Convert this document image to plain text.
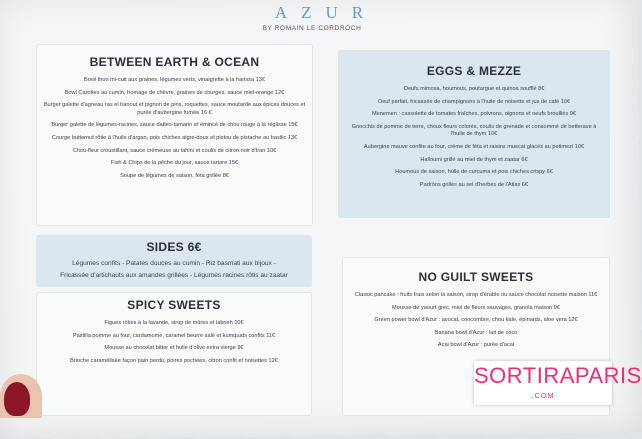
AZUR
BY ROMAIN LE CORDROCH
BETWEEN EARTH & OCEAN
Bowl thon mi-cuit aux graines, légumes verts, vinaigrette à la harissa 13€
Bowl Carottes au cumin, fromage de chèvre, graines de courges, sauce miel-orange 12€
Burger galette d'agneau ras el hanout et pignon de pins, roquettes, sauce moutarde aux épices douces et purée d'aubergine fumée 16 €
Burger galette de légumes-racines, sauce dattes-tamarin et émincé de chou rouge à la réglisse 15€
Courge butternut rôtie à l'huile d'argan, pois chiches aigre-doux et pistou de pistache au basilic 13€
Chou-fleur croustillant, sauce crémeuse au tahini et coulis de citron noir d'Iran 10€
Fish & Chips de la pêche du jour, sauce tartare 15€
Soupe de légumes de saison, féta grillée 8€
EGGS & MEZZE
Oeufs mimosa, houmous, poutargue et quinoa soufflé 8€
Oeuf parfait, fricassée de champignons à l'huile de noisette et jus de café 10€
Menemen : cassolette de tomates fraîches, poivrons, oignons et oeufs brouillés 9€
Gnocchis de pomme de terre, choux fleurs colorés, coulis de grenade et consommé de betterave à l'huile de thym 10€
Aubergine mauve confite au four, crème de féta et raisins muscat glacés au petimezi 10€
Halloumi grillé au miel de thym et zaatar 6€
Houmous de saison, huile de curcuma et pois chiches crispy 6€
Padróns grillés au sel d'herbes de l'Atlas 6€
SIDES 6€
Légumes confits - Patates douces au cumin - Riz basmati aux bijoux -
Fricassée d'artichauts aux amandes grillées - Légumes racines rôtis au zaatar
SPICY SWEETS
Figues rôties à la lavande, sirop de mûres et labneh 10€
Pastilla pomme au four, cardamome, caramel beurre salé et kumquats confits 11€
Mousse au chocolat bitter et huile d'olive extra vierge 9€
Brioche caramélisée façon pain perdu, poires pochées, citron confit et noisettes 12€
NO GUILT SWEETS
Classic pancake : fruits frais selon la saison, sirop d'érable ou sauce chocolat noisette maison 11€
Mousse de yaourt grec, miel de fleurs sauvages, granola maison 9€
Green power bowl d'Azur : avocat, concombre, chou kale, épinards, aloe vera 12€
Banana bowl d'Azur : lait de coco
Acai bowl d'Azur : purée d'acai
SORTIRAPARIS
.COM
